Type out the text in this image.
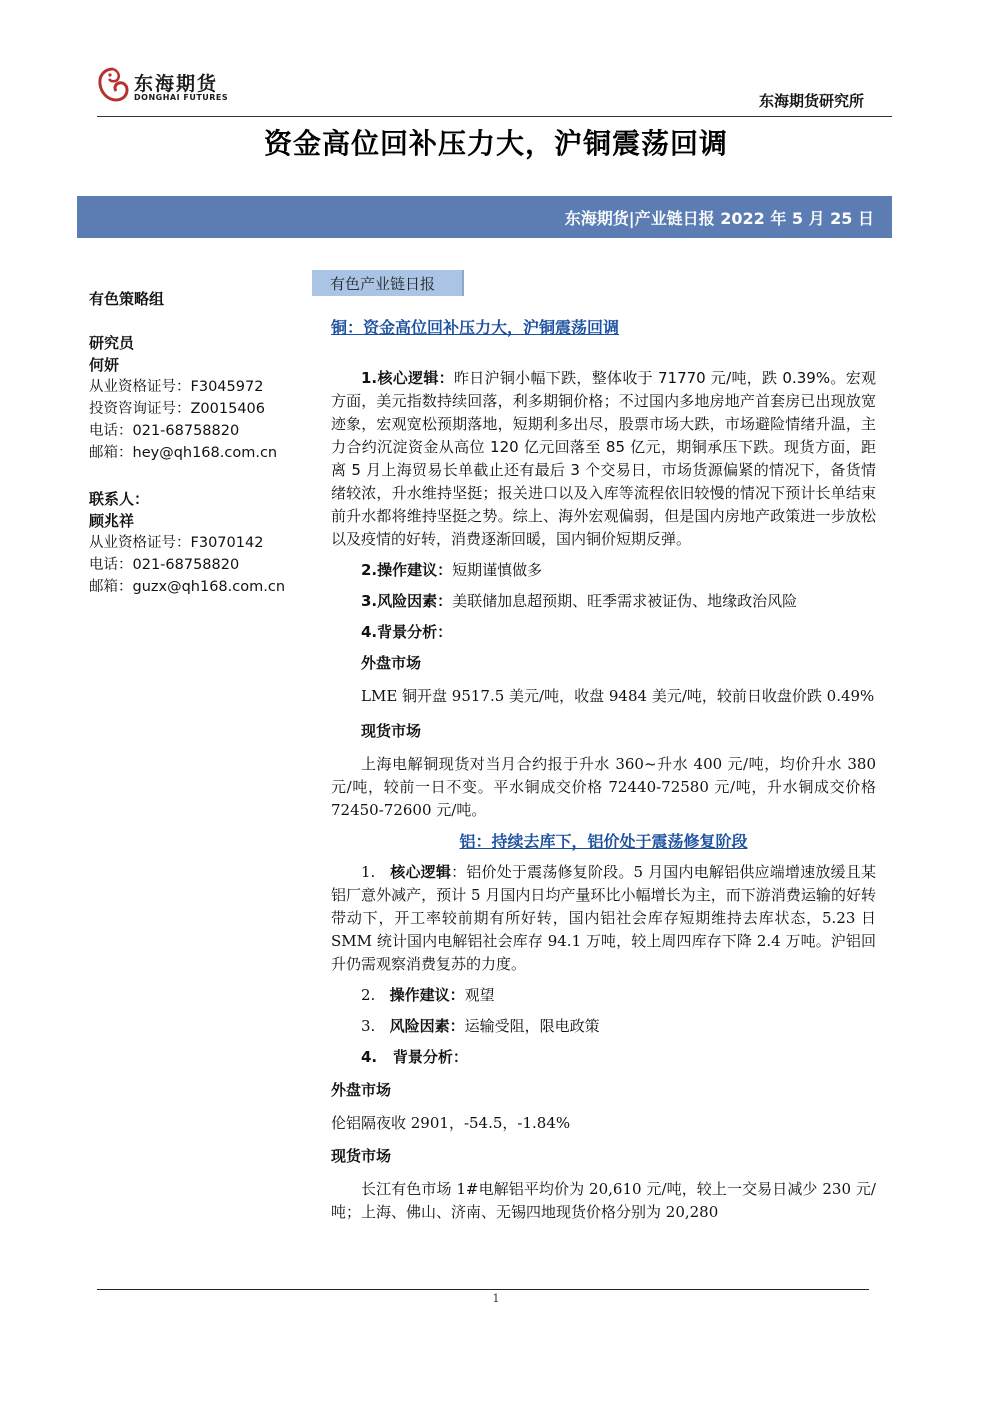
东海期货
DONGHAI FUTURES	东海期货研究所
资金高位回补压力大，沪铜震荡回调
东海期货|产业链日报 2022 年 5 月 25 日
有色策略组
研究员
何妍
从业资格证号：F3045972
投资咨询证号：Z0015406
电话：021-68758820
邮箱：hey@qh168.com.cn
联系人：
顾兆祥
从业资格证号：F3070142
电话：021-68758820
邮箱：guzx@qh168.com.cn
有色产业链日报

铜：资金高位回补压力大，沪铜震荡回调

1.核心逻辑：昨日沪铜小幅下跌，整体收于 71770 元/吨，跌 0.39%。宏观方面，美元指数持续回落，利多期铜价格；不过国内多地房地产首套房已出现放宽迹象，宏观宽松预期落地，短期利多出尽，股票市场大跌，市场避险情绪升温，主力合约沉淀资金从高位 120 亿元回落至 85 亿元，期铜承压下跌。现货方面，距离 5 月上海贸易长单截止还有最后 3 个交易日，市场货源偏紧的情况下，备货情绪较浓，升水维持坚挺；报关进口以及入库等流程依旧较慢的情况下预计长单结束前升水都将维持坚挺之势。综上、海外宏观偏弱，但是国内房地产政策进一步放松以及疫情的好转，消费逐渐回暖，国内铜价短期反弹。

2.操作建议：短期谨慎做多

3.风险因素：美联储加息超预期、旺季需求被证伪、地缘政治风险

4.背景分析：

外盘市场

LME 铜开盘 9517.5 美元/吨，收盘 9484 美元/吨，较前日收盘价跌 0.49%

现货市场

上海电解铜现货对当月合约报于升水 360~升水 400 元/吨，均价升水 380 元/吨，较前一日不变。平水铜成交价格 72440-72580 元/吨，升水铜成交价格 72450-72600 元/吨。

铝：持续去库下，铝价处于震荡修复阶段

1. 核心逻辑：铝价处于震荡修复阶段。5 月国内电解铝供应端增速放缓且某铝厂意外减产，预计 5 月国内日均产量环比小幅增长为主，而下游消费运输的好转带动下，开工率较前期有所好转，国内铝社会库存短期维持去库状态，5.23 日 SMM 统计国内电解铝社会库存 94.1 万吨，较上周四库存下降 2.4 万吨。沪铝回升仍需观察消费复苏的力度。

2. 操作建议：观望

3. 风险因素：运输受阻，限电政策

4. 背景分析：

外盘市场

伦铝隔夜收 2901，-54.5，-1.84%

现货市场

长江有色市场 1#电解铝平均价为 20,610 元/吨，较上一交易日减少 230 元/吨；上海、佛山、济南、无锡四地现货价格分别为 20,280

1
